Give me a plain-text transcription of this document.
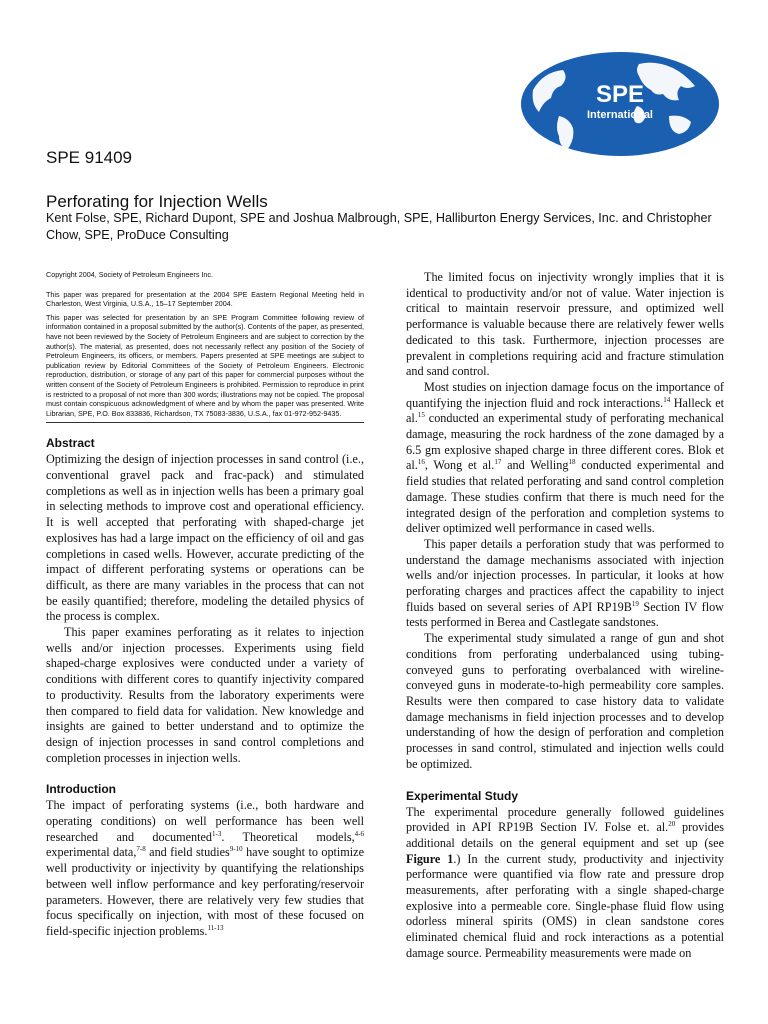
SPE
International
SPE 91409
Perforating for Injection Wells

Kent Folse, SPE, Richard Dupont, SPE and Joshua Malbrough, SPE, Halliburton Energy Services, Inc. and Christopher Chow, SPE, ProDuce Consulting

Copyright 2004, Society of Petroleum Engineers Inc.

This paper was prepared for presentation at the 2004 SPE Eastern Regional Meeting held in Charleston, West Virginia, U.S.A., 15–17 September 2004.

This paper was selected for presentation by an SPE Program Committee following review of information contained in a proposal submitted by the author(s). Contents of the paper, as presented, have not been reviewed by the Society of Petroleum Engineers and are subject to correction by the author(s). The material, as presented, does not necessarily reflect any position of the Society of Petroleum Engineers, its officers, or members. Papers presented at SPE meetings are subject to publication review by Editorial Committees of the Society of Petroleum Engineers. Electronic reproduction, distribution, or storage of any part of this paper for commercial purposes without the written consent of the Society of Petroleum Engineers is prohibited. Permission to reproduce in print is restricted to a proposal of not more than 300 words; illustrations may not be copied. The proposal must contain conspicuous acknowledgment of where and by whom the paper was presented. Write Librarian, SPE, P.O. Box 833836, Richardson, TX 75083-3836, U.S.A., fax 01-972-952-9435.

Abstract

Optimizing the design of injection processes in sand control (i.e., conventional gravel pack and frac-pack) and stimulated completions as well as in injection wells has been a primary goal in selecting methods to improve cost and operational efficiency. It is well accepted that perforating with shaped-charge jet explosives has had a large impact on the efficiency of oil and gas completions in cased wells. However, accurate predicting of the impact of different perforating systems or operations can be difficult, as there are many variables in the process that can not be easily quantified; therefore, modeling the detailed physics of the process is complex.

This paper examines perforating as it relates to injection wells and/or injection processes. Experiments using field shaped-charge explosives were conducted under a variety of conditions with different cores to quantify injectivity compared to productivity. Results from the laboratory experiments were then compared to field data for validation. New knowledge and insights are gained to better understand and to optimize the design of injection processes in sand control completions and completion processes in injection wells.

Introduction

The impact of perforating systems (i.e., both hardware and operating conditions) on well performance has been well researched and documented$^{1-3}$. Theoretical models,$^{4-6}$ experimental data,$^{7-8}$ and field studies$^{9-10}$ have sought to optimize well productivity or injectivity by quantifying the relationships between well inflow performance and key perforating/reservoir parameters. However, there are relatively very few studies that focus specifically on injection, with most of these focused on field-specific injection problems.$^{11-13}$

The limited focus on injectivity wrongly implies that it is identical to productivity and/or not of value. Water injection is critical to maintain reservoir pressure, and optimized well performance is valuable because there are relatively fewer wells dedicated to this task. Furthermore, injection processes are prevalent in completions requiring acid and fracture stimulation and sand control.

Most studies on injection damage focus on the importance of quantifying the injection fluid and rock interactions.$^{14}$ Halleck et al.$^{15}$ conducted an experimental study of perforating mechanical damage, measuring the rock hardness of the zone damaged by a 6.5 gm explosive shaped charge in three different cores. Blok et al.$^{16}$, Wong et al.$^{17}$ and Welling$^{18}$ conducted experimental and field studies that related perforating and sand control completion damage. These studies confirm that there is much need for the integrated design of the perforation and completion systems to deliver optimized well performance in cased wells.

This paper details a perforation study that was performed to understand the damage mechanisms associated with injection wells and/or injection processes. In particular, it looks at how perforating charges and practices affect the capability to inject fluids based on several series of API $RP19B^{19}$ Section IV flow tests performed in Berea and Castlegate sandstones.

The experimental study simulated a range of gun and shot conditions from perforating underbalanced using tubing-conveyed guns to perforating overbalanced with wireline-conveyed guns in moderate-to-high permeability core samples. Results were then compared to case history data to validate damage mechanisms in field injection processes and to develop understanding of how the design of perforation and completion processes in sand control, stimulated and injection wells could be optimized.

Experimental Study

The experimental procedure generally followed guidelines provided in API RP19B Section IV. Folse et. al.$^{20}$ provides additional details on the general equipment and set up (see Figure 1.) In the current study, productivity and injectivity performance were quantified via flow rate and pressure drop measurements, after perforating with a single shaped-charge explosive into a permeable core. Single-phase fluid flow using odorless mineral spirits (OMS) in clean sandstone cores eliminated chemical fluid and rock interactions as a potential damage source. Permeability measurements were made on
